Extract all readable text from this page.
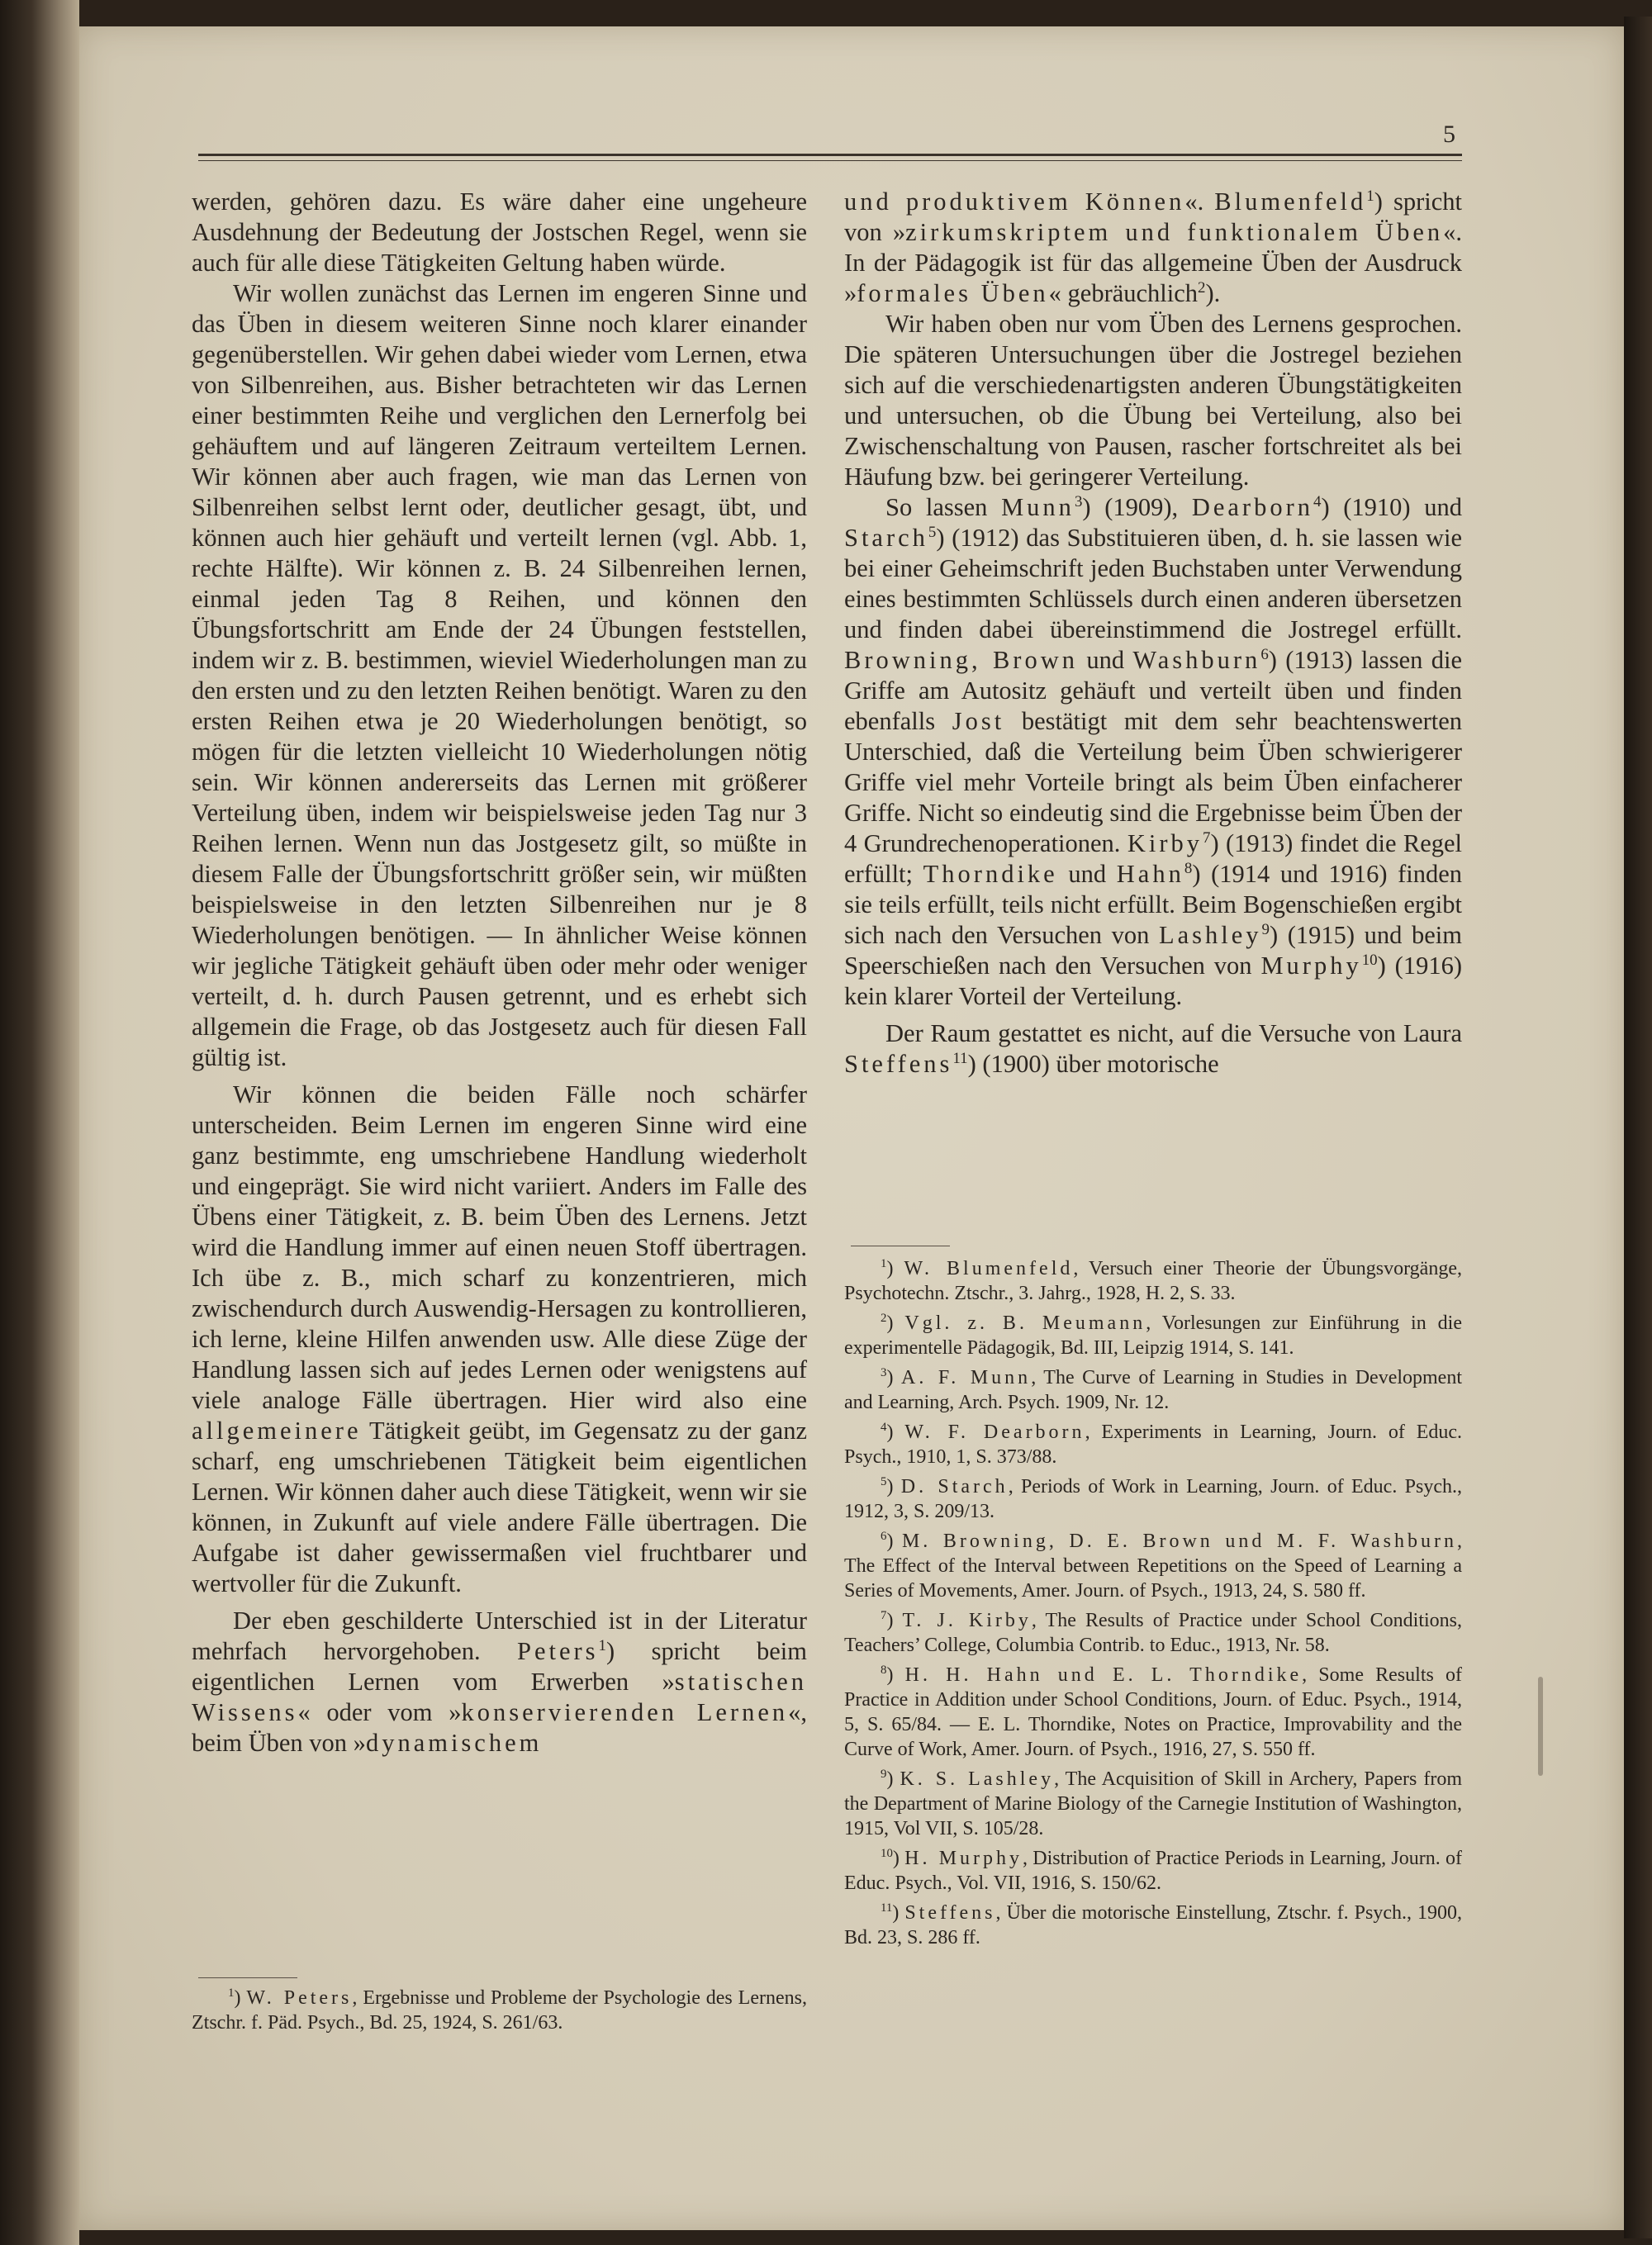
5

werden, gehören dazu. Es wäre daher eine ungeheure Ausdehnung der Bedeutung der Jostschen Regel, wenn sie auch für alle diese Tätigkeiten Geltung haben würde.

Wir wollen zunächst das Lernen im engeren Sinne und das Üben in diesem weiteren Sinne noch klarer einander gegenüberstellen. Wir gehen dabei wieder vom Lernen, etwa von Silbenreihen, aus. Bisher betrachteten wir das Lernen einer bestimmten Reihe und verglichen den Lernerfolg bei gehäuftem und auf längeren Zeitraum verteiltem Lernen. Wir können aber auch fragen, wie man das Lernen von Silbenreihen selbst lernt oder, deutlicher gesagt, übt, und können auch hier gehäuft und verteilt lernen (vgl. Abb. 1, rechte Hälfte). Wir können z. B. 24 Silbenreihen lernen, einmal jeden Tag 8 Reihen, und können den Übungsfortschritt am Ende der 24 Übungen feststellen, indem wir z. B. bestimmen, wieviel Wiederholungen man zu den ersten und zu den letzten Reihen benötigt. Waren zu den ersten Reihen etwa je 20 Wiederholungen benötigt, so mögen für die letzten vielleicht 10 Wiederholungen nötig sein. Wir können andererseits das Lernen mit größerer Verteilung üben, indem wir beispielsweise jeden Tag nur 3 Reihen lernen. Wenn nun das Jostgesetz gilt, so müßte in diesem Falle der Übungsfortschritt größer sein, wir müßten beispielsweise in den letzten Silbenreihen nur je 8 Wiederholungen benötigen. — In ähnlicher Weise können wir jegliche Tätigkeit gehäuft üben oder mehr oder weniger verteilt, d. h. durch Pausen getrennt, und es erhebt sich allgemein die Frage, ob das Jostgesetz auch für diesen Fall gültig ist.

Wir können die beiden Fälle noch schärfer unterscheiden. Beim Lernen im engeren Sinne wird eine ganz bestimmte, eng umschriebene Handlung wiederholt und eingeprägt. Sie wird nicht variiert. Anders im Falle des Übens einer Tätigkeit, z. B. beim Üben des Lernens. Jetzt wird die Handlung immer auf einen neuen Stoff übertragen. Ich übe z. B., mich scharf zu konzentrieren, mich zwischendurch durch Auswendig-Hersagen zu kontrollieren, ich lerne, kleine Hilfen anwenden usw. Alle diese Züge der Handlung lassen sich auf jedes Lernen oder wenigstens auf viele analoge Fälle übertragen. Hier wird also eine allgemeinere Tätigkeit geübt, im Gegensatz zu der ganz scharf, eng umschriebenen Tätigkeit beim eigentlichen Lernen. Wir können daher auch diese Tätigkeit, wenn wir sie können, in Zukunft auf viele andere Fälle übertragen. Die Aufgabe ist daher gewissermaßen viel fruchtbarer und wertvoller für die Zukunft.

Der eben geschilderte Unterschied ist in der Literatur mehrfach hervorgehoben. Peters$^1$) spricht beim eigentlichen Lernen vom Erwerben »statischen Wissens« oder vom »konservierenden Lernen«, beim Üben von »dynamischem

$^1$) W. Peters, Ergebnisse und Probleme der Psychologie des Lernens, Ztschr. f. Päd. Psych., Bd. 25, 1924, S. 261/63.

und produktivem Können«. Blumenfeld$^1$) spricht von »zirkumskriptem und funktionalem Üben«. In der Pädagogik ist für das allgemeine Üben der Ausdruck »formales Üben« gebräuchlich$^2$).

Wir haben oben nur vom Üben des Lernens gesprochen. Die späteren Untersuchungen über die Jostregel beziehen sich auf die verschiedenartigsten anderen Übungstätigkeiten und untersuchen, ob die Übung bei Verteilung, also bei Zwischenschaltung von Pausen, rascher fortschreitet als bei Häufung bzw. bei geringerer Verteilung.

So lassen Munn$^3$) (1909), Dearborn$^4$) (1910) und Starch$^5$) (1912) das Substituieren üben, d. h. sie lassen wie bei einer Geheimschrift jeden Buchstaben unter Verwendung eines bestimmten Schlüssels durch einen anderen übersetzen und finden dabei übereinstimmend die Jostregel erfüllt. Browning, Brown und Washburn$^6$) (1913) lassen die Griffe am Autositz gehäuft und verteilt üben und finden ebenfalls Jost bestätigt mit dem sehr beachtenswerten Unterschied, daß die Verteilung beim Üben schwierigerer Griffe viel mehr Vorteile bringt als beim Üben einfacherer Griffe. Nicht so eindeutig sind die Ergebnisse beim Üben der 4 Grundrechenoperationen. Kirby$^7$) (1913) findet die Regel erfüllt; Thorndike und Hahn$^8$) (1914 und 1916) finden sie teils erfüllt, teils nicht erfüllt. Beim Bogenschießen ergibt sich nach den Versuchen von Lashley$^9$) (1915) und beim Speerschießen nach den Versuchen von Murphy$^{10}$) (1916) kein klarer Vorteil der Verteilung.

Der Raum gestattet es nicht, auf die Versuche von Laura Steffens$^{11}$) (1900) über motorische

$^1$) W. Blumenfeld, Versuch einer Theorie der Übungsvorgänge, Psychotechn. Ztschr., 3. Jahrg., 1928, H. 2, S. 33.

$^2$) Vgl. z. B. Meumann, Vorlesungen zur Einführung in die experimentelle Pädagogik, Bd. III, Leipzig 1914, S. 141.

$^3$) A. F. Munn, The Curve of Learning in Studies in Development and Learning, Arch. Psych. 1909, Nr. 12.

$^4$) W. F. Dearborn, Experiments in Learning, Journ. of Educ. Psych., 1910, 1, S. 373/88.

$^5$) D. Starch, Periods of Work in Learning, Journ. of Educ. Psych., 1912, 3, S. 209/13.

$^6$) M. Browning, D. E. Brown und M. F. Washburn, The Effect of the Interval between Repetitions on the Speed of Learning a Series of Movements, Amer. Journ. of Psych., 1913, 24, S. 580 ff.

$^7$) T. J. Kirby, The Results of Practice under School Conditions, Teachers’ College, Columbia Contrib. to Educ., 1913, Nr. 58.

$^8$) H. H. Hahn und E. L. Thorndike, Some Results of Practice in Addition under School Conditions, Journ. of Educ. Psych., 1914, 5, S. 65/84. — E. L. Thorndike, Notes on Practice, Improvability and the Curve of Work, Amer. Journ. of Psych., 1916, 27, S. 550 ff.

$^9$) K. S. Lashley, The Acquisition of Skill in Archery, Papers from the Department of Marine Biology of the Carnegie Institution of Washington, 1915, Vol VII, S. 105/28.

$^{10}$) H. Murphy, Distribution of Practice Periods in Learning, Journ. of Educ. Psych., Vol. VII, 1916, S. 150/62.

$^{11}$) Steffens, Über die motorische Einstellung, Ztschr. f. Psych., 1900, Bd. 23, S. 286 ff.
